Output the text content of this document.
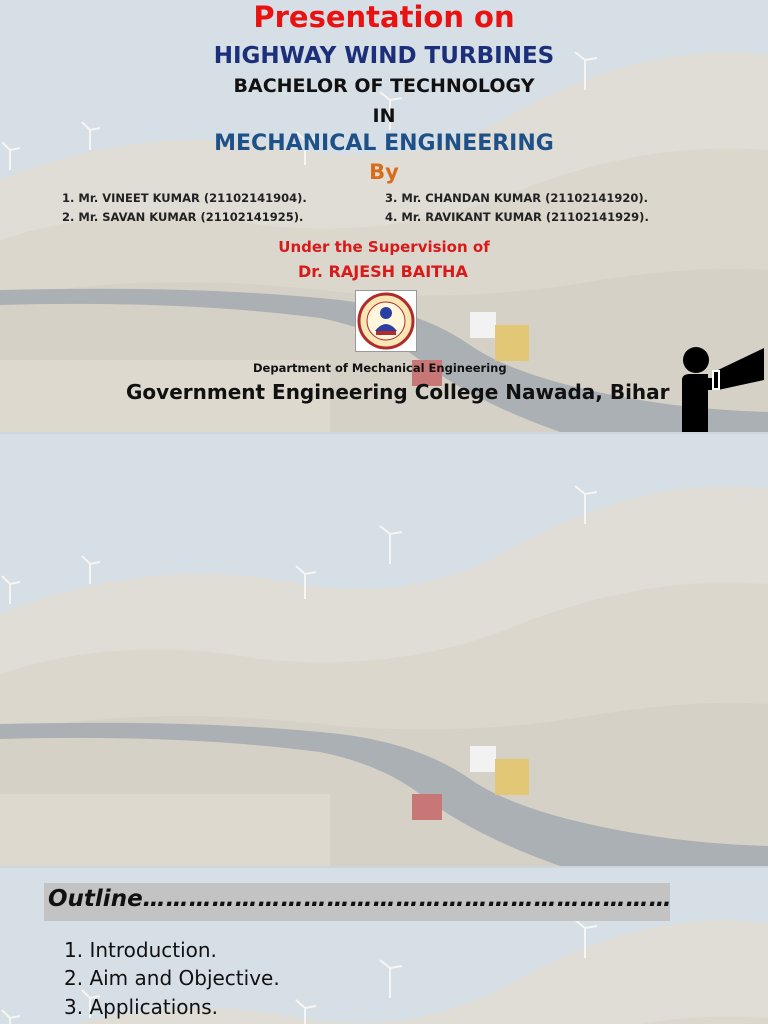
Presentation on
HIGHWAY WIND TURBINES
BACHELOR OF TECHNOLOGY
IN
MECHANICAL ENGINEERING
By
1. Mr. VINEET KUMAR (21102141904).
2. Mr. SAVAN KUMAR (21102141925).
3. Mr. CHANDAN KUMAR (21102141920).
4. Mr. RAVIKANT KUMAR (21102141929).
Under the Supervision of
Dr. RAJESH BAITHA
Department of Mechanical Engineering
Government Engineering College Nawada, Bihar
Outline……………………………………………………………
1. Introduction.
2. Aim and Objective.
3. Applications.
